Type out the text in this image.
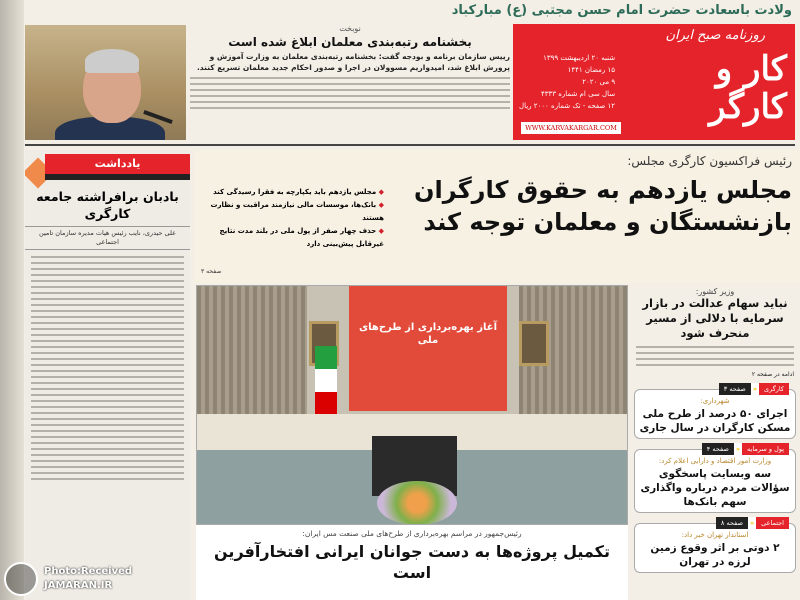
ولادت باسعادت حضرت امام حسن مجتبی (ع) مبارکباد
روزنامه صبح ایران
کار و کارگر
شنبه ۲۰ اردیبهشت ۱۳۹۹
۱۵ رمضان ۱۴۴۱
۹ می ۲۰۲۰
سال سی ام شماره ۴۳۳۳
۱۲ صفحه - تک شماره ۲۰۰۰ ریال
WWW.KARVAKARGAR.COM
نوبخت
بخشنامه رتبه‌بندی معلمان ابلاغ شده است
رییس سازمان برنامه و بودجه گفت: بخشنامه رتبه‌بندی معلمان به وزارت آموزش و پرورش ابلاغ شد، امیدواریم مسوولان در اجرا و صدور احکام جدید معلمان تسریع کنند.
یادداشت
بادبان برافراشته جامعه کارگری
علی حیدری، نایب رئیس هیات مدیره سازمان تامین اجتماعی
رئیس فراکسیون کارگری مجلس:
مجلس یازدهم به حقوق کارگران بازنشستگان و معلمان توجه کند
◆ مجلس یازدهم باید یکپارچه به فقرا رسیدگی کند
◆ بانک‌ها، موسسات مالی نیازمند مراقبت و نظارت هستند
◆ حذف چهار صفر از پول ملی در بلند مدت نتایج غیرقابل پیش‌بینی دارد
صفحه ۳
آغاز بهره‌برداری از طرح‌های ملی
رئیس‌جمهور در مراسم بهره‌برداری از طرح‌های ملی صنعت مس ایران:
تکمیل پروژه‌ها به دست جوانان ایرانی افتخارآفرین است
وزیر کشور:
نباید سهام عدالت در بازار سرمایه با دلالی از مسیر منحرف شود
ادامه در صفحه ۲
کارگری
«
صفحه ۳
شهرداری:
اجرای ۵۰ درصد از طرح ملی مسکن کارگران در سال جاری
پول و سرمایه
«
صفحه ۴
وزارت امور اقتصاد و دارایی اعلام کرد:
سه وبسایت پاسخگوی سؤالات مردم درباره واگذاری سهم بانک‌ها
اجتماعی
«
صفحه ۸
استاندار تهران خبر داد:
۲ دوتی بر اثر وقوع زمین لرزه در تهران
Photo:Received
JAMARAN.IR
